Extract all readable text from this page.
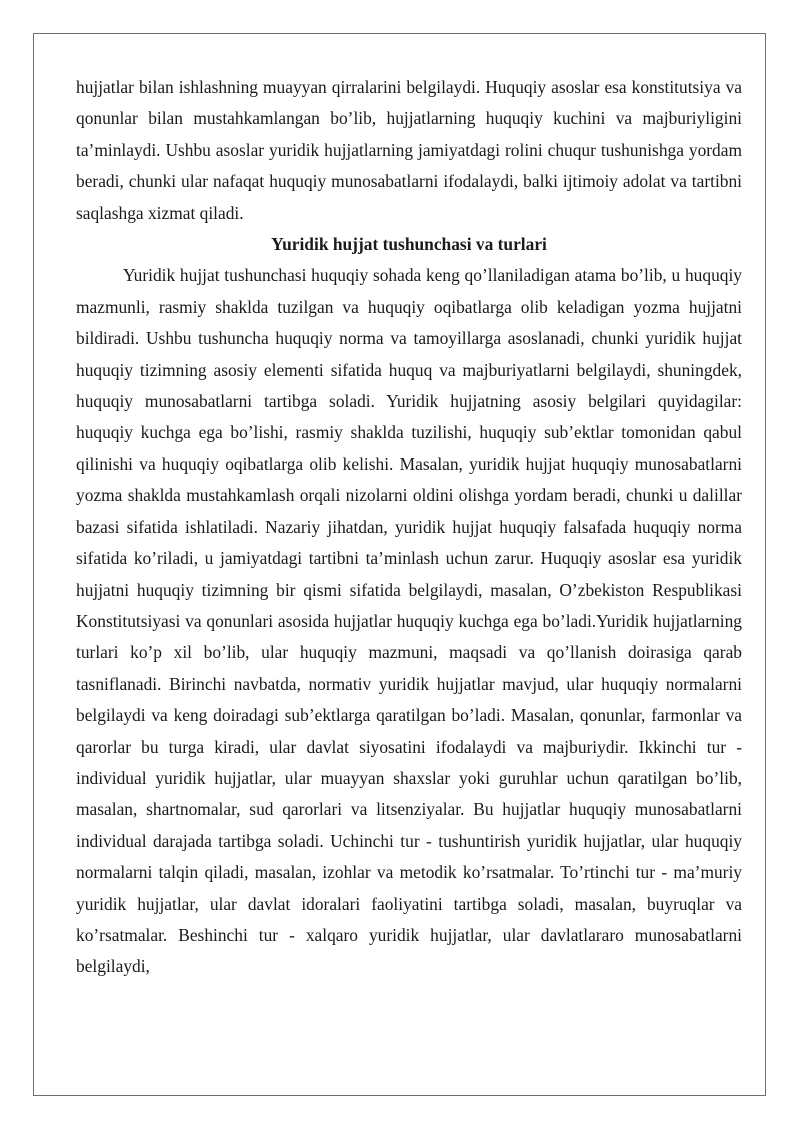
hujjatlar bilan ishlashning muayyan qirralarini belgilaydi. Huquqiy asoslar esa konstitutsiya va qonunlar bilan mustahkamlangan bo’lib, hujjatlarning huquqiy kuchini va majburiyligini ta’minlaydi. Ushbu asoslar yuridik hujjatlarning jamiyatdagi rolini chuqur tushunishga yordam beradi, chunki ular nafaqat huquqiy munosabatlarni ifodalaydi, balki ijtimoiy adolat va tartibni saqlashga xizmat qiladi.

Yuridik hujjat tushunchasi va turlari

Yuridik hujjat tushunchasi huquqiy sohada keng qo’llaniladigan atama bo’lib, u huquqiy mazmunli, rasmiy shaklda tuzilgan va huquqiy oqibatlarga olib keladigan yozma hujjatni bildiradi. Ushbu tushuncha huquqiy norma va tamoyillarga asoslanadi, chunki yuridik hujjat huquqiy tizimning asosiy elementi sifatida huquq va majburiyatlarni belgilaydi, shuningdek, huquqiy munosabatlarni tartibga soladi. Yuridik hujjatning asosiy belgilari quyidagilar: huquqiy kuchga ega bo’lishi, rasmiy shaklda tuzilishi, huquqiy sub’ektlar tomonidan qabul qilinishi va huquqiy oqibatlarga olib kelishi. Masalan, yuridik hujjat huquqiy munosabatlarni yozma shaklda mustahkamlash orqali nizolarni oldini olishga yordam beradi, chunki u dalillar bazasi sifatida ishlatiladi. Nazariy jihatdan, yuridik hujjat huquqiy falsafada huquqiy norma sifatida ko’riladi, u jamiyatdagi tartibni ta’minlash uchun zarur. Huquqiy asoslar esa yuridik hujjatni huquqiy tizimning bir qismi sifatida belgilaydi, masalan, O’zbekiston Respublikasi Konstitutsiyasi va qonunlari asosida hujjatlar huquqiy kuchga ega bo’ladi.Yuridik hujjatlarning turlari ko’p xil bo’lib, ular huquqiy mazmuni, maqsadi va qo’llanish doirasiga qarab tasniflanadi. Birinchi navbatda, normativ yuridik hujjatlar mavjud, ular huquqiy normalarni belgilaydi va keng doiradagi sub’ektlarga qaratilgan bo’ladi. Masalan, qonunlar, farmonlar va qarorlar bu turga kiradi, ular davlat siyosatini ifodalaydi va majburiydir. Ikkinchi tur - individual yuridik hujjatlar, ular muayyan shaxslar yoki guruhlar uchun qaratilgan bo’lib, masalan, shartnomalar, sud qarorlari va litsenziyalar. Bu hujjatlar huquqiy munosabatlarni individual darajada tartibga soladi. Uchinchi tur - tushuntirish yuridik hujjatlar, ular huquqiy normalarni talqin qiladi, masalan, izohlar va metodik ko’rsatmalar. To’rtinchi tur - ma’muriy yuridik hujjatlar, ular davlat idoralari faoliyatini tartibga soladi, masalan, buyruqlar va ko’rsatmalar. Beshinchi tur - xalqaro yuridik hujjatlar, ular davlatlararo munosabatlarni belgilaydi,
